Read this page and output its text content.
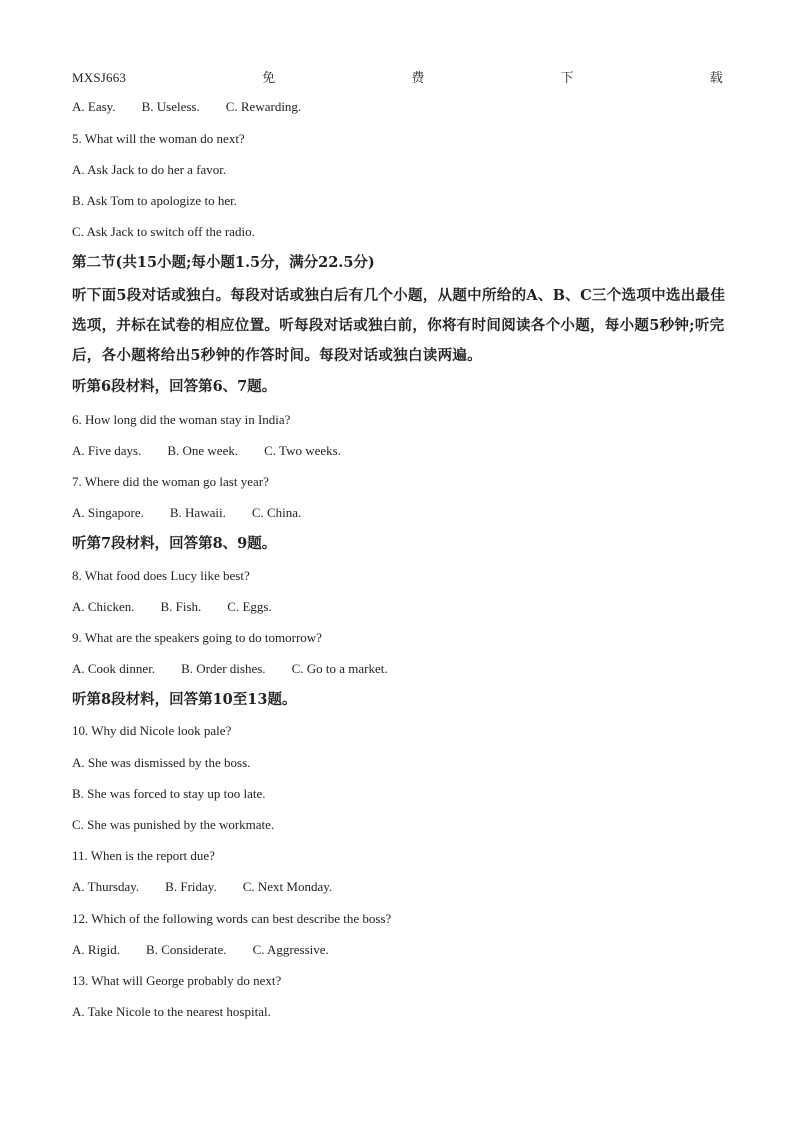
MXSJ663	免	费	下	载
A. Easy. B. Useless. C. Rewarding.
5. What will the woman do next?
A. Ask Jack to do her a favor.
B. Ask Tom to apologize to her.
C. Ask Jack to switch off the radio.
第二节(共15小题;每小题1.5分，满分22.5分)
听下面5段对话或独白。每段对话或独白后有几个小题，从题中所给的A、B、C三个选项中选出最佳选项，并标在试卷的相应位置。听每段对话或独白前，你将有时间阅读各个小题，每小题5秒钟;听完后，各小题将给出5秒钟的作答时间。每段对话或独白读两遍。
听第6段材料，回答第6、7题。
6. How long did the woman stay in India?
A. Five days. B. One week. C. Two weeks.
7. Where did the woman go last year?
A. Singapore. B. Hawaii. C. China.
听第7段材料，回答第8、9题。
8. What food does Lucy like best?
A. Chicken. B. Fish. C. Eggs.
9. What are the speakers going to do tomorrow?
A. Cook dinner. B. Order dishes. C. Go to a market.
听第8段材料，回答第10至13题。
10. Why did Nicole look pale?
A. She was dismissed by the boss.
B. She was forced to stay up too late.
C. She was punished by the workmate.
11. When is the report due?
A. Thursday. B. Friday. C. Next Monday.
12. Which of the following words can best describe the boss?
A. Rigid. B. Considerate. C. Aggressive.
13. What will George probably do next?
A. Take Nicole to the nearest hospital.
